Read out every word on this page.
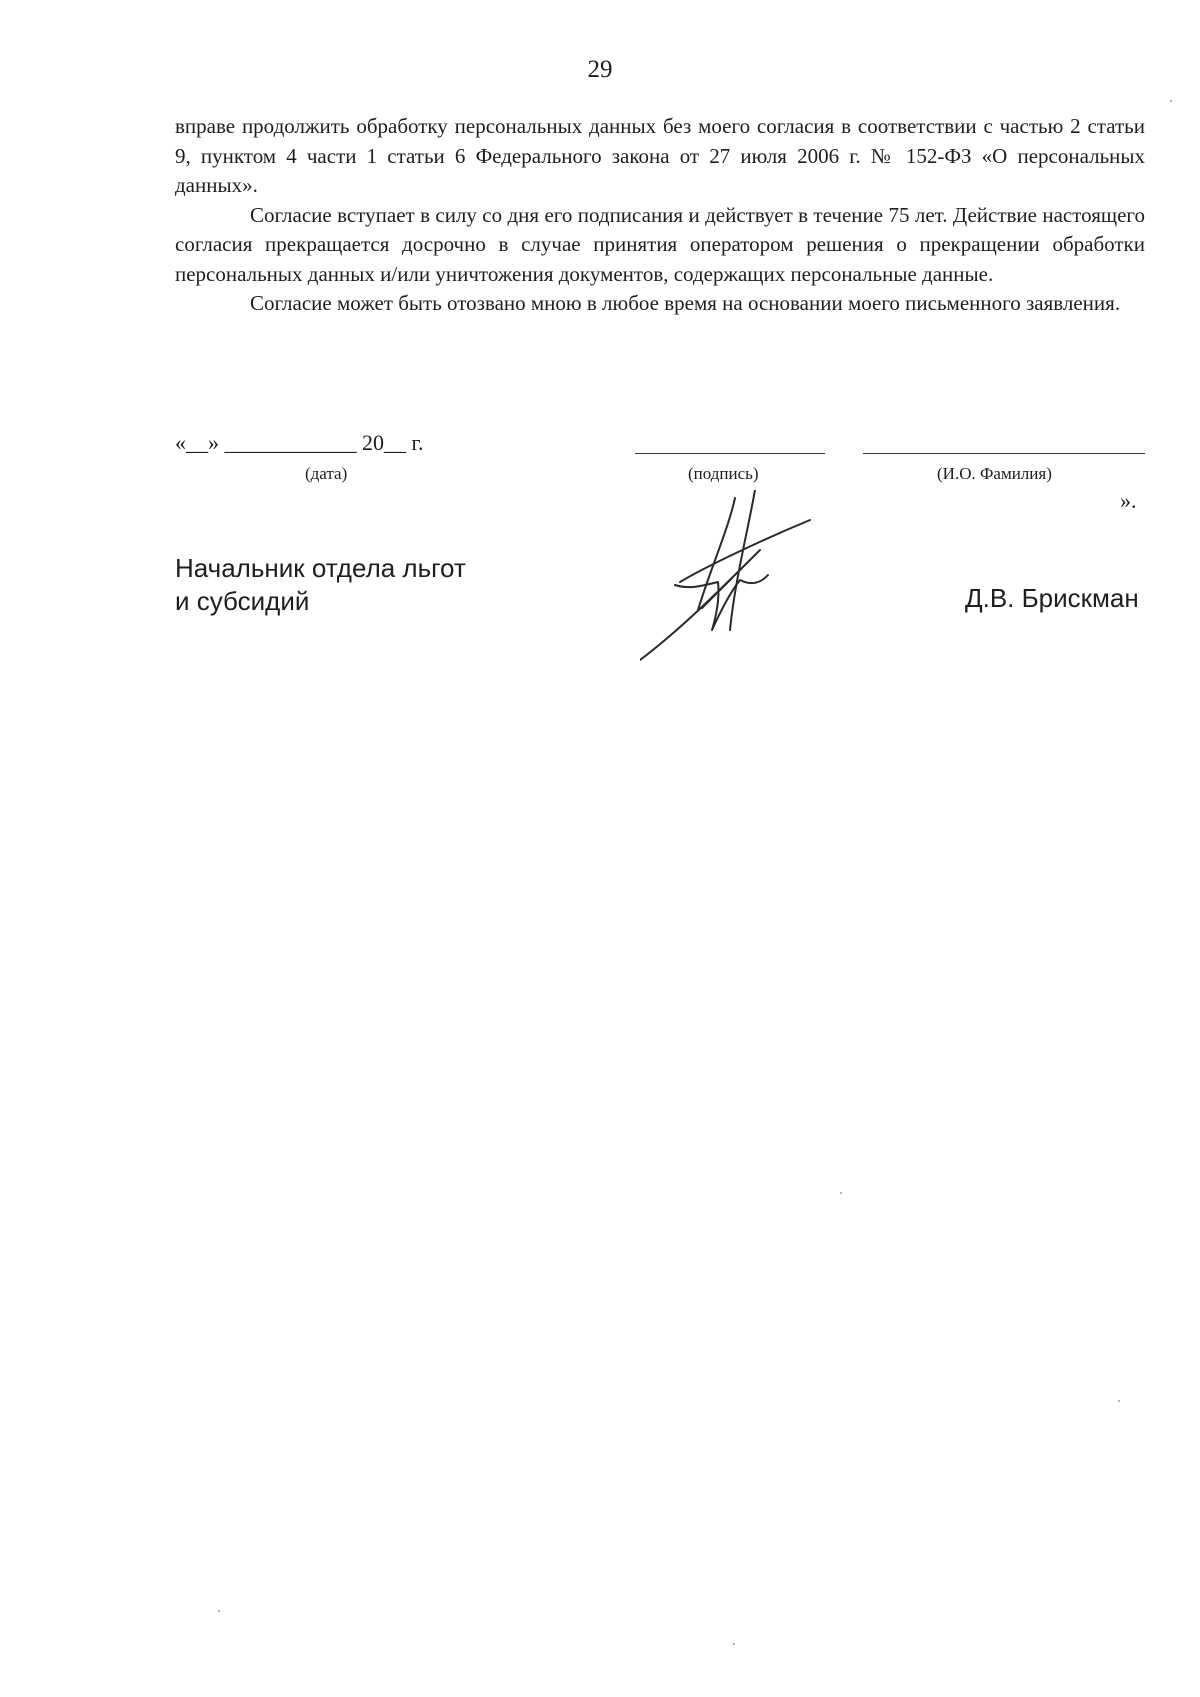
29

вправе продолжить обработку персональных данных без моего согласия в соответствии с частью 2 статьи 9, пунктом 4 части 1 статьи 6 Федерального закона от 27 июля 2006 г. № 152-ФЗ «О персональных данных».

Согласие вступает в силу со дня его подписания и действует в течение 75 лет. Действие настоящего согласия прекращается досрочно в случае принятия оператором решения о прекращении обработки персональных данных и/или уничтожения документов, содержащих персональные данные.

Согласие может быть отозвано мною в любое время на основании моего письменного заявления.

«__» ____________ 20__ г.
(дата)	(подпись)	(И.О. Фамилия)
».
Начальник отдела льгот
и субсидий	Д.В. Брискман
